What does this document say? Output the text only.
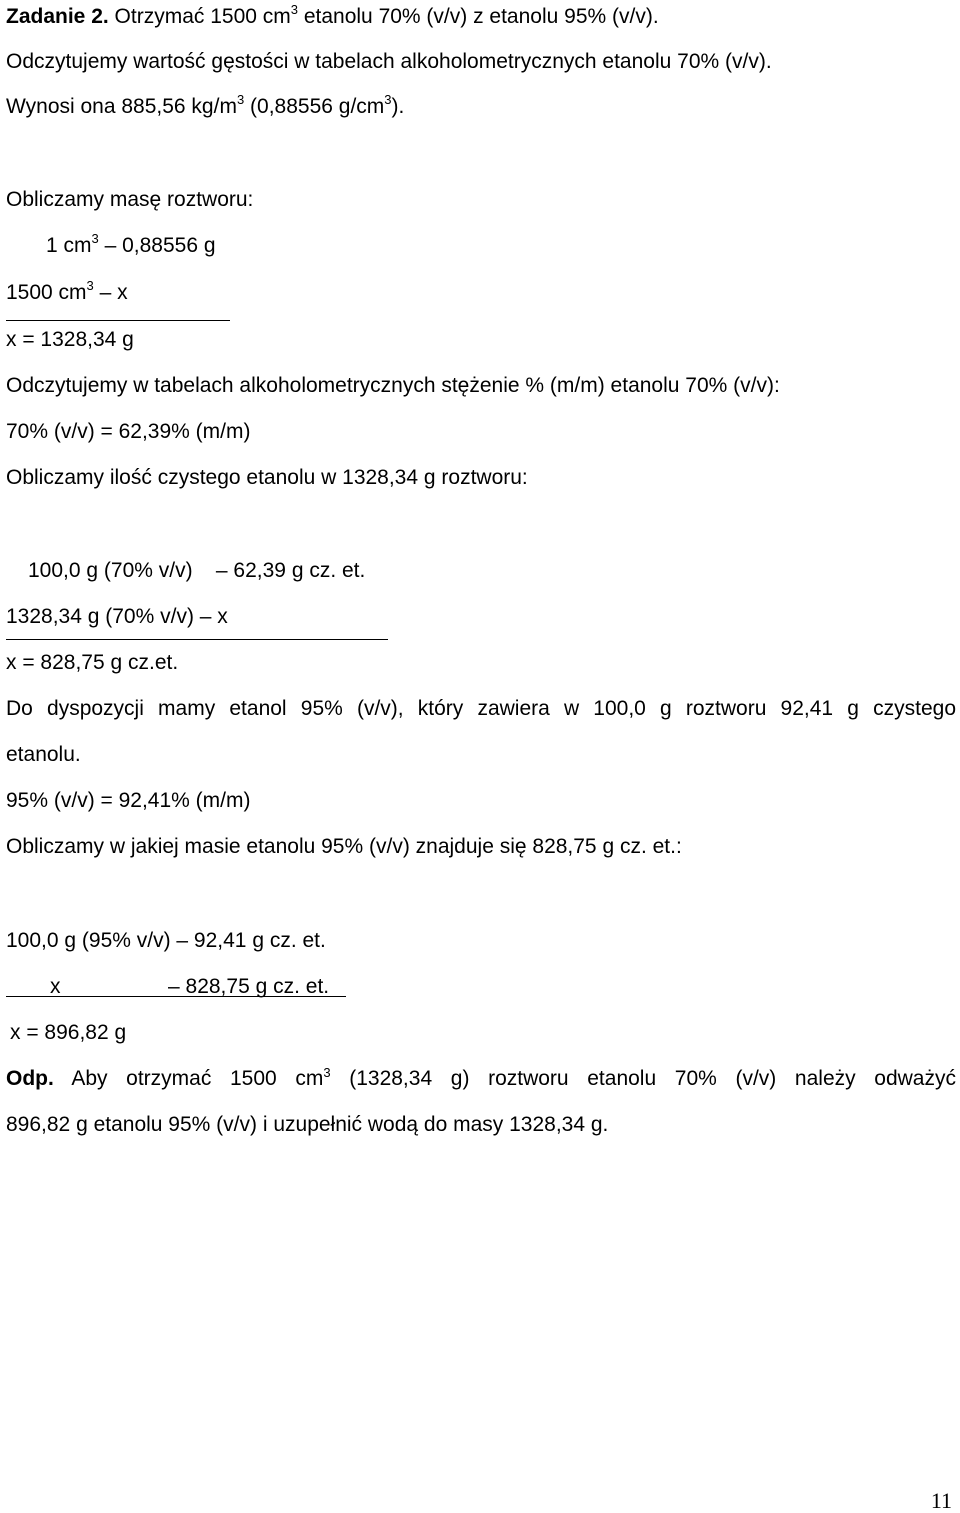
Zadanie 2. Otrzymać 1500 $cm^3$ etanolu 70% (v/v) z etanolu 95% (v/v).
Odczytujemy wartość gęstości w tabelach alkoholometrycznych etanolu 70% (v/v).
Wynosi ona 885,56 $kg/m^3$ (0,88556 $g/cm^3$).
Obliczamy masę roztworu:
1 $cm^3 - 0,88556$ g
1500 $cm^3$ – x
x = 1328,34 g
Odczytujemy w tabelach alkoholometrycznych stężenie % (m/m) etanolu 70% (v/v):
70% (v/v) = 62,39% (m/m)
Obliczamy ilość czystego etanolu w 1328,34 g roztworu:
100,0 g (70% v/v)    – 62,39 g cz. et.
1328,34 g (70% v/v) – x
x = 828,75 g cz.et.
Do dyspozycji mamy etanol 95% (v/v), który zawiera w 100,0 g roztworu 92,41 g czystego
etanolu.
95% (v/v) = 92,41% (m/m)
Obliczamy w jakiej masie etanolu 95% (v/v) znajduje się 828,75 g cz. et.:
100,0 g (95% v/v) – 92,41 g cz. et.
x	– 828,75 g cz. et.
x = 896,82 g
Odp. Aby otrzymać 1500 $cm^3$ (1328,34 g) roztworu etanolu 70% (v/v) należy odważyć
896,82 g etanolu 95% (v/v) i uzupełnić wodą do masy 1328,34 g.
11
